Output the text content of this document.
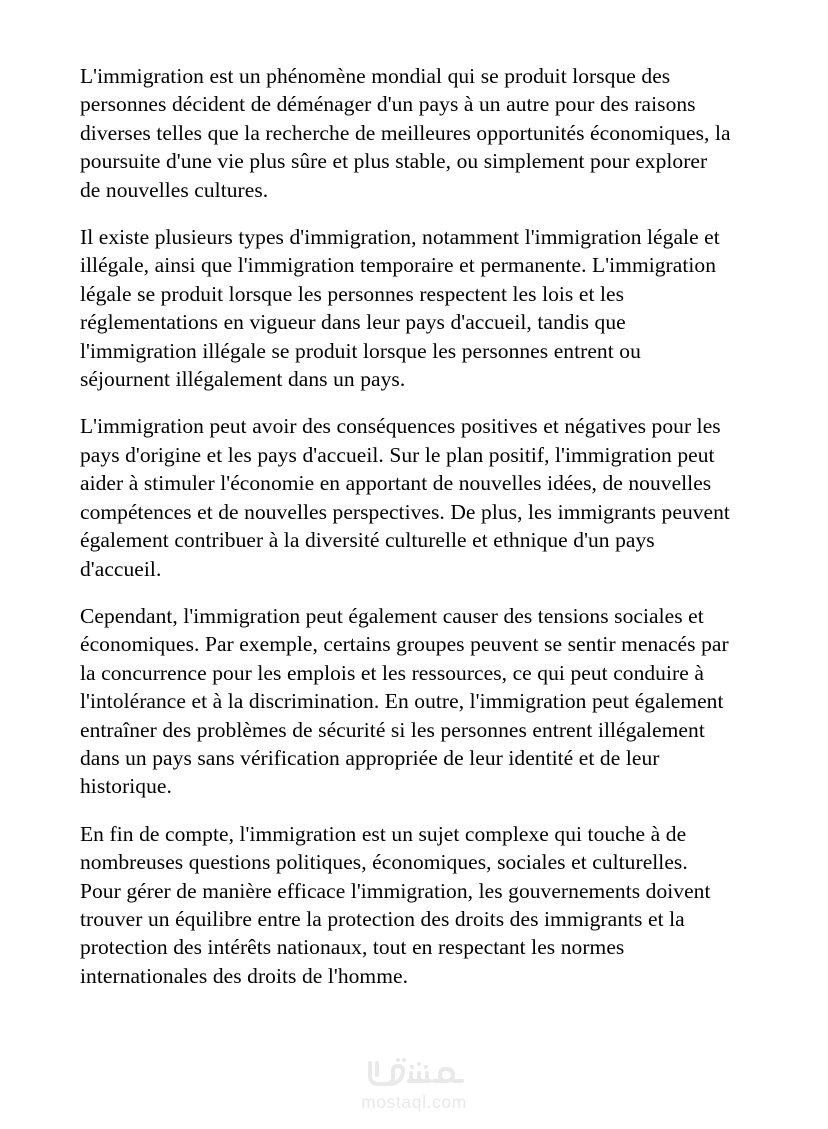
L'immigration est un phénomène mondial qui se produit lorsque des personnes décident de déménager d'un pays à un autre pour des raisons diverses telles que la recherche de meilleures opportunités économiques, la poursuite d'une vie plus sûre et plus stable, ou simplement pour explorer de nouvelles cultures.

Il existe plusieurs types d'immigration, notamment l'immigration légale et illégale, ainsi que l'immigration temporaire et permanente. L'immigration légale se produit lorsque les personnes respectent les lois et les réglementations en vigueur dans leur pays d'accueil, tandis que l'immigration illégale se produit lorsque les personnes entrent ou séjournent illégalement dans un pays.

L'immigration peut avoir des conséquences positives et négatives pour les pays d'origine et les pays d'accueil. Sur le plan positif, l'immigration peut aider à stimuler l'économie en apportant de nouvelles idées, de nouvelles compétences et de nouvelles perspectives. De plus, les immigrants peuvent également contribuer à la diversité culturelle et ethnique d'un pays d'accueil.

Cependant, l'immigration peut également causer des tensions sociales et économiques. Par exemple, certains groupes peuvent se sentir menacés par la concurrence pour les emplois et les ressources, ce qui peut conduire à l'intolérance et à la discrimination. En outre, l'immigration peut également entraîner des problèmes de sécurité si les personnes entrent illégalement dans un pays sans vérification appropriée de leur identité et de leur historique.

En fin de compte, l'immigration est un sujet complexe qui touche à de nombreuses questions politiques, économiques, sociales et culturelles. Pour gérer de manière efficace l'immigration, les gouvernements doivent trouver un équilibre entre la protection des droits des immigrants et la protection des intérêts nationaux, tout en respectant les normes internationales des droits de l'homme.

mostaql.com
